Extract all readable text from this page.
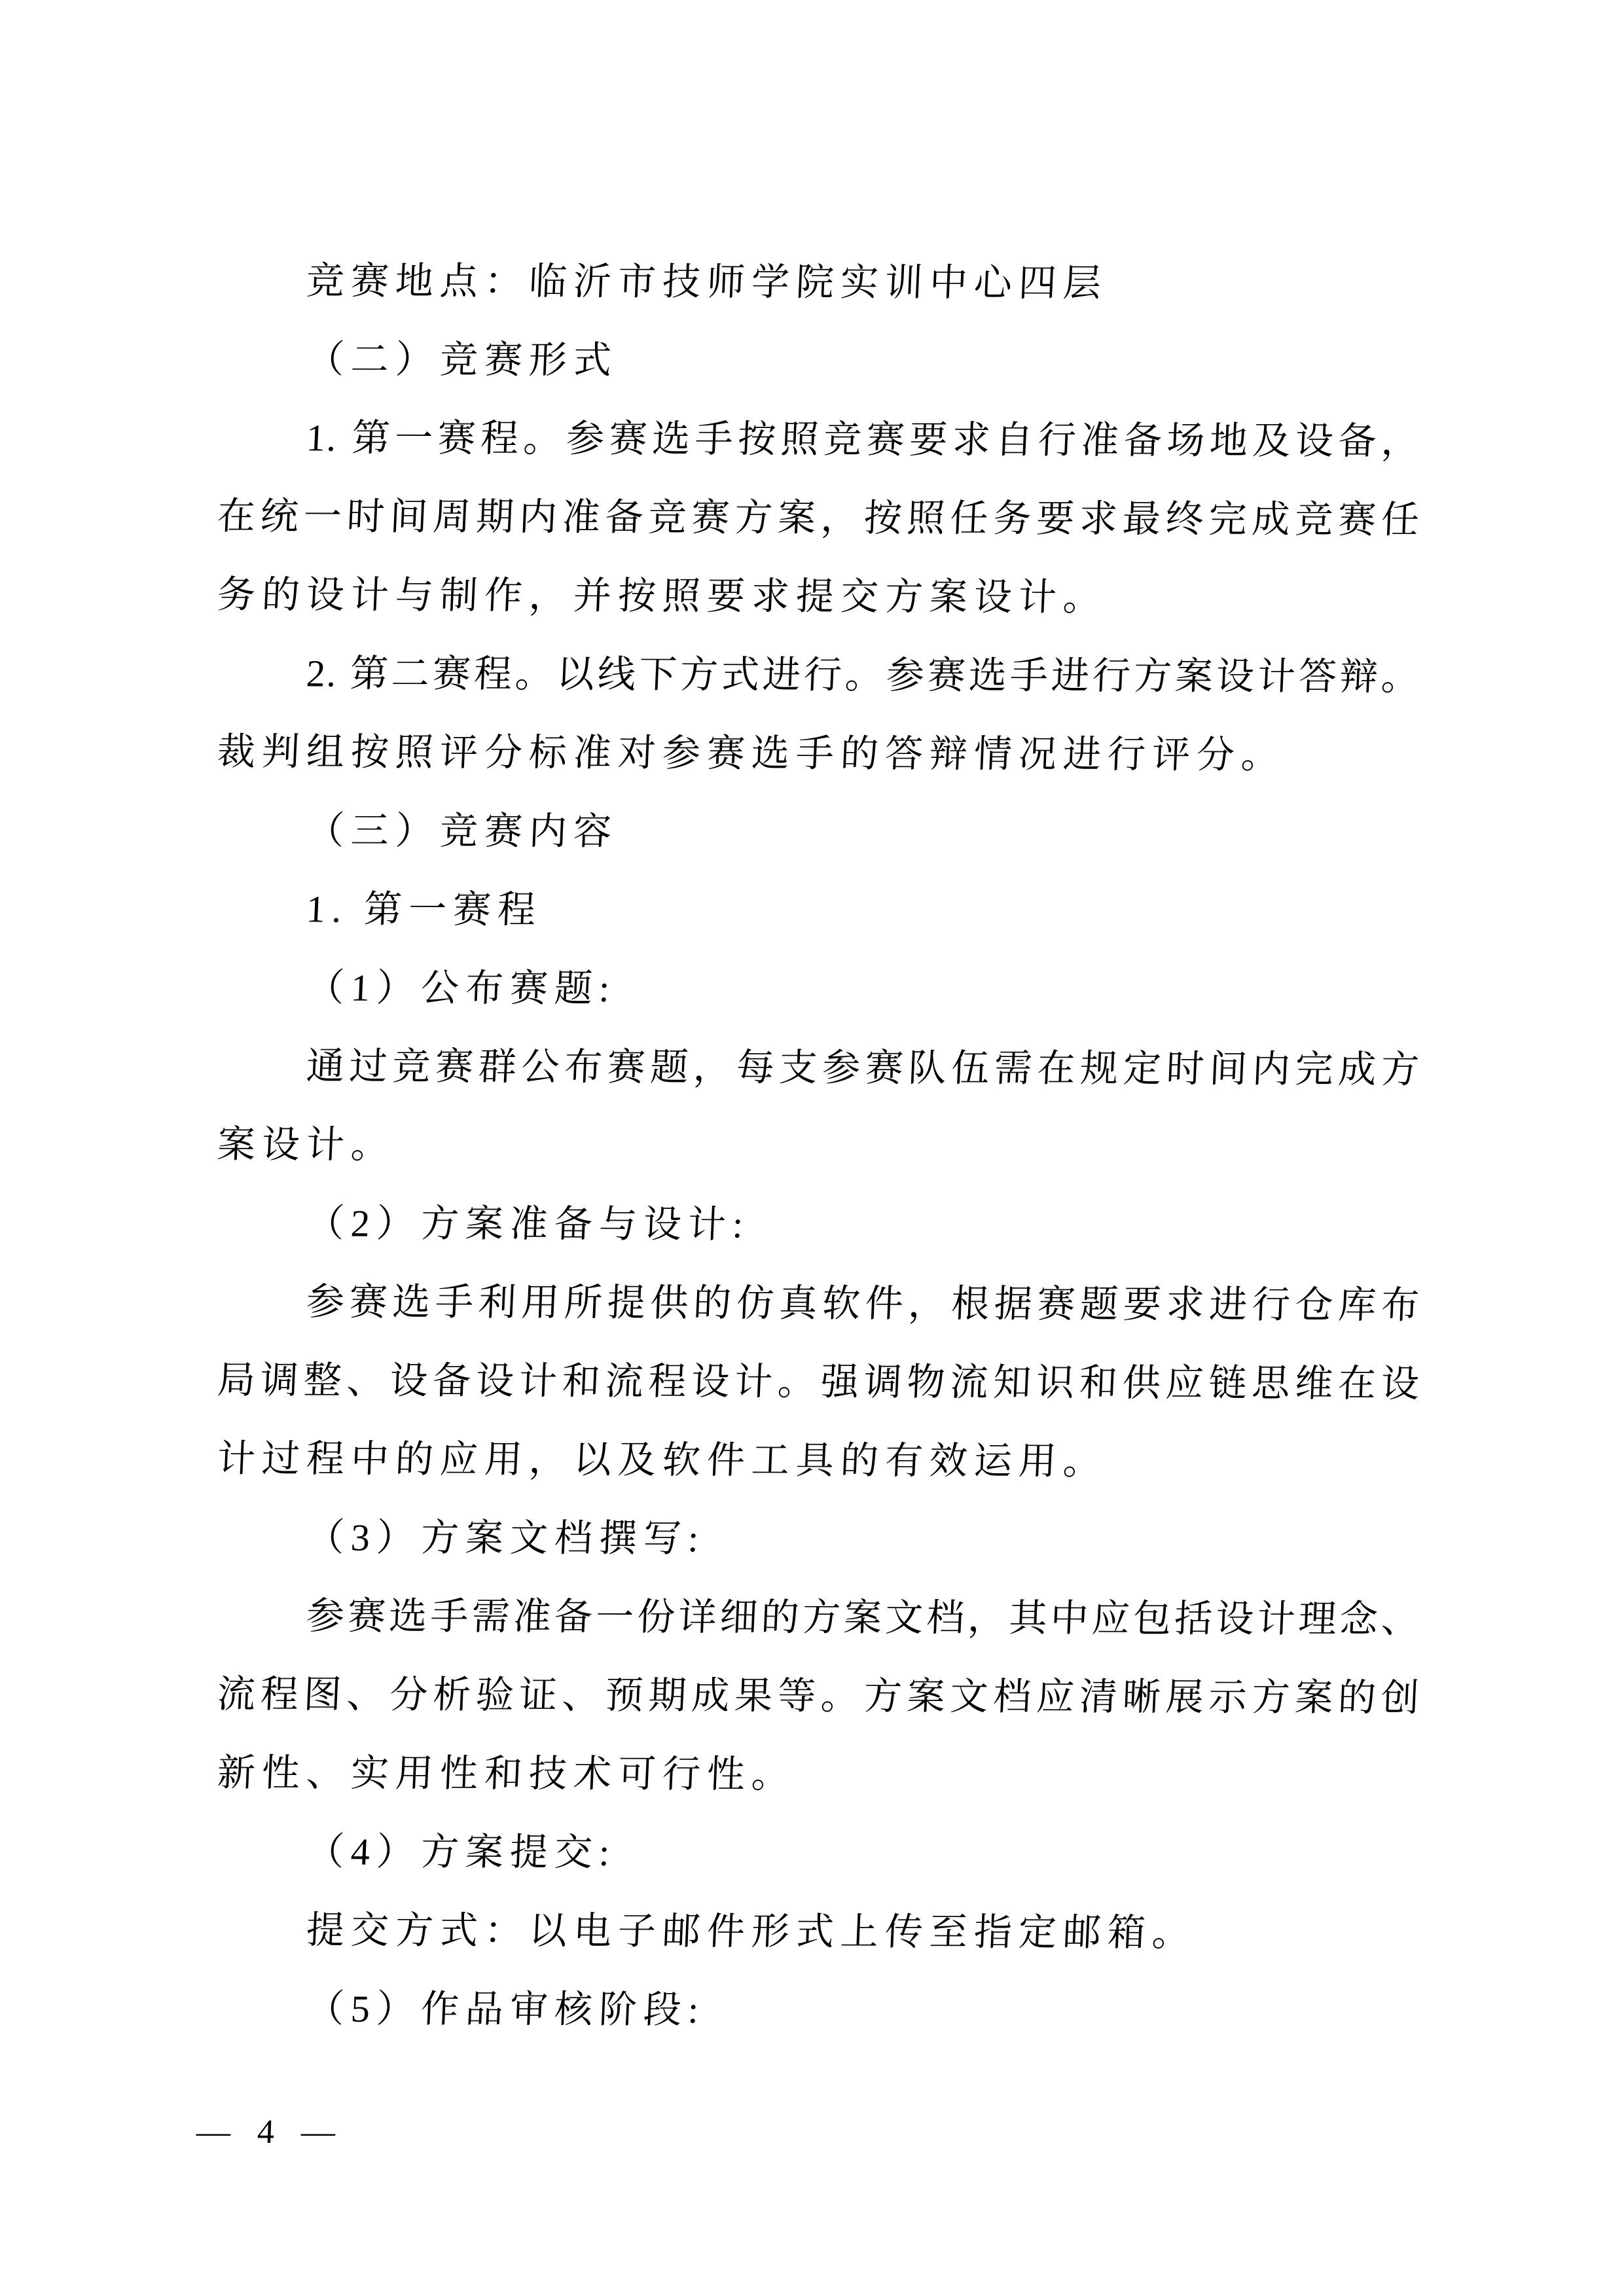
竞赛地点：临沂市技师学院实训中心四层
（二）竞赛形式
1. 第一赛程。参赛选手按照竞赛要求自行准备场地及设备，
在统一时间周期内准备竞赛方案，按照任务要求最终完成竞赛任
务的设计与制作，并按照要求提交方案设计。
2. 第二赛程。以线下方式进行。参赛选手进行方案设计答辩。
裁判组按照评分标准对参赛选手的答辩情况进行评分。
（三）竞赛内容
1. 第一赛程
（1）公布赛题:
通过竞赛群公布赛题，每支参赛队伍需在规定时间内完成方
案设计。
（2）方案准备与设计:
参赛选手利用所提供的仿真软件，根据赛题要求进行仓库布
局调整、设备设计和流程设计。强调物流知识和供应链思维在设
计过程中的应用，以及软件工具的有效运用。
（3）方案文档撰写:
参赛选手需准备一份详细的方案文档，其中应包括设计理念、
流程图、分析验证、预期成果等。方案文档应清晰展示方案的创
新性、实用性和技术可行性。
（4）方案提交:
提交方式：以电子邮件形式上传至指定邮箱。
（5）作品审核阶段:
— 4 —
